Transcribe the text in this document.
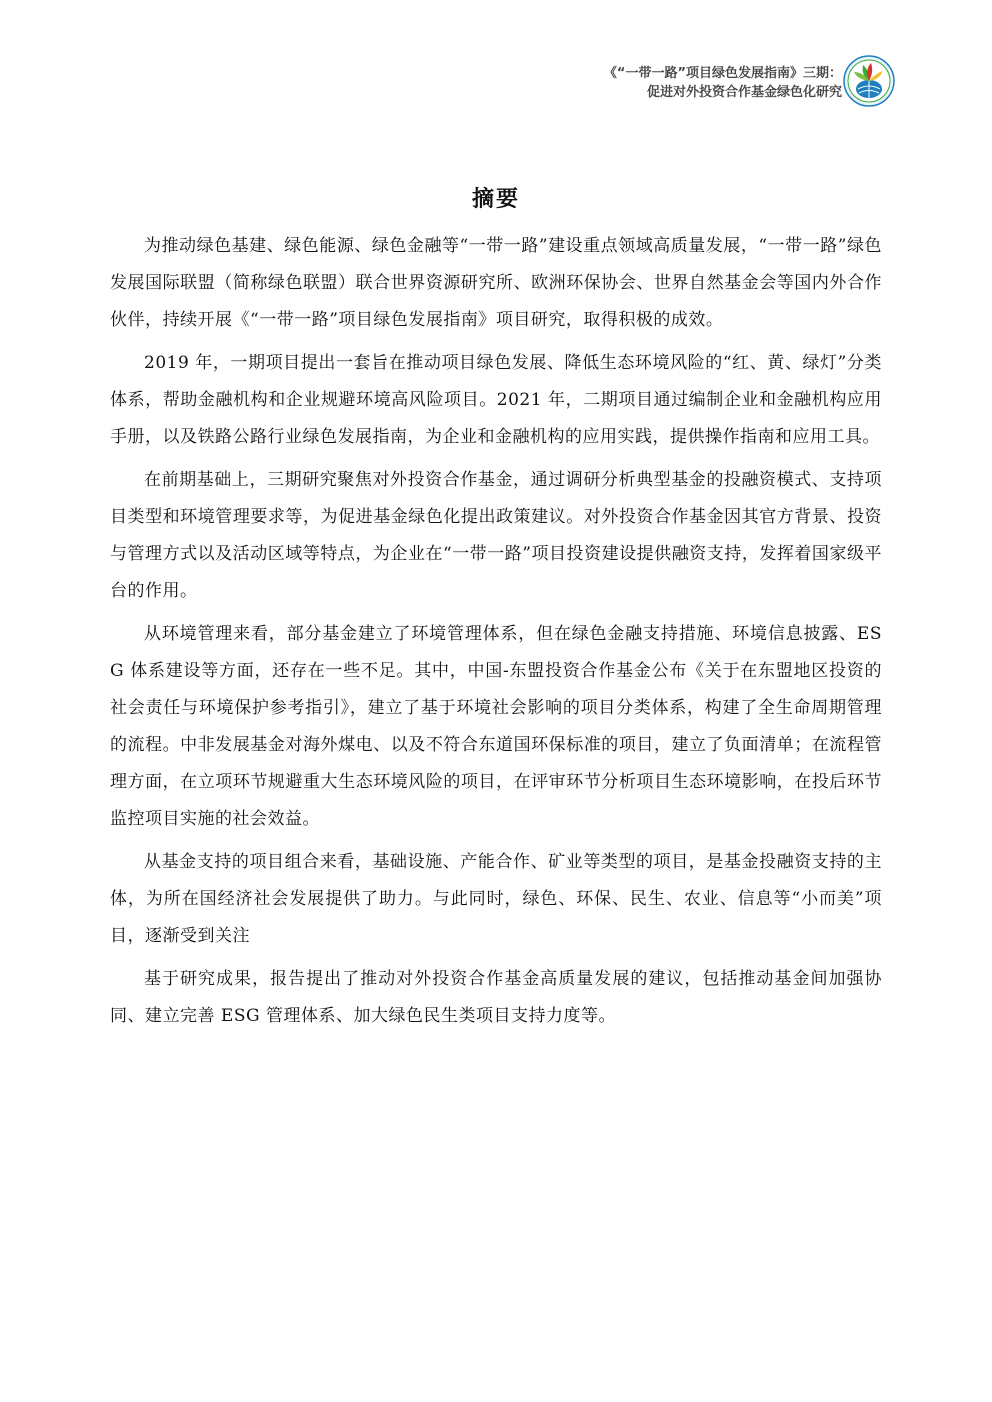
《“一带一路”项目绿色发展指南》三期：
促进对外投资合作基金绿色化研究
摘要

为推动绿色基建、绿色能源、绿色金融等“一带一路”建设重点领域高质量发展，“一带一路”绿色发展国际联盟（简称绿色联盟）联合世界资源研究所、欧洲环保协会、世界自然基金会等国内外合作伙伴，持续开展《“一带一路”项目绿色发展指南》项目研究，取得积极的成效。

2019 年，一期项目提出一套旨在推动项目绿色发展、降低生态环境风险的“红、黄、绿灯”分类体系，帮助金融机构和企业规避环境高风险项目。2021 年，二期项目通过编制企业和金融机构应用手册，以及铁路公路行业绿色发展指南，为企业和金融机构的应用实践，提供操作指南和应用工具。

在前期基础上，三期研究聚焦对外投资合作基金，通过调研分析典型基金的投融资模式、支持项目类型和环境管理要求等，为促进基金绿色化提出政策建议。对外投资合作基金因其官方背景、投资与管理方式以及活动区域等特点，为企业在“一带一路”项目投资建设提供融资支持，发挥着国家级平台的作用。

从环境管理来看，部分基金建立了环境管理体系，但在绿色金融支持措施、环境信息披露、ESG 体系建设等方面，还存在一些不足。其中，中国-东盟投资合作基金公布《关于在东盟地区投资的社会责任与环境保护参考指引》，建立了基于环境社会影响的项目分类体系，构建了全生命周期管理的流程。中非发展基金对海外煤电、以及不符合东道国环保标准的项目，建立了负面清单；在流程管理方面，在立项环节规避重大生态环境风险的项目，在评审环节分析项目生态环境影响，在投后环节监控项目实施的社会效益。

从基金支持的项目组合来看，基础设施、产能合作、矿业等类型的项目，是基金投融资支持的主体，为所在国经济社会发展提供了助力。与此同时，绿色、环保、民生、农业、信息等“小而美”项目，逐渐受到关注

基于研究成果，报告提出了推动对外投资合作基金高质量发展的建议，包括推动基金间加强协同、建立完善 ESG 管理体系、加大绿色民生类项目支持力度等。
